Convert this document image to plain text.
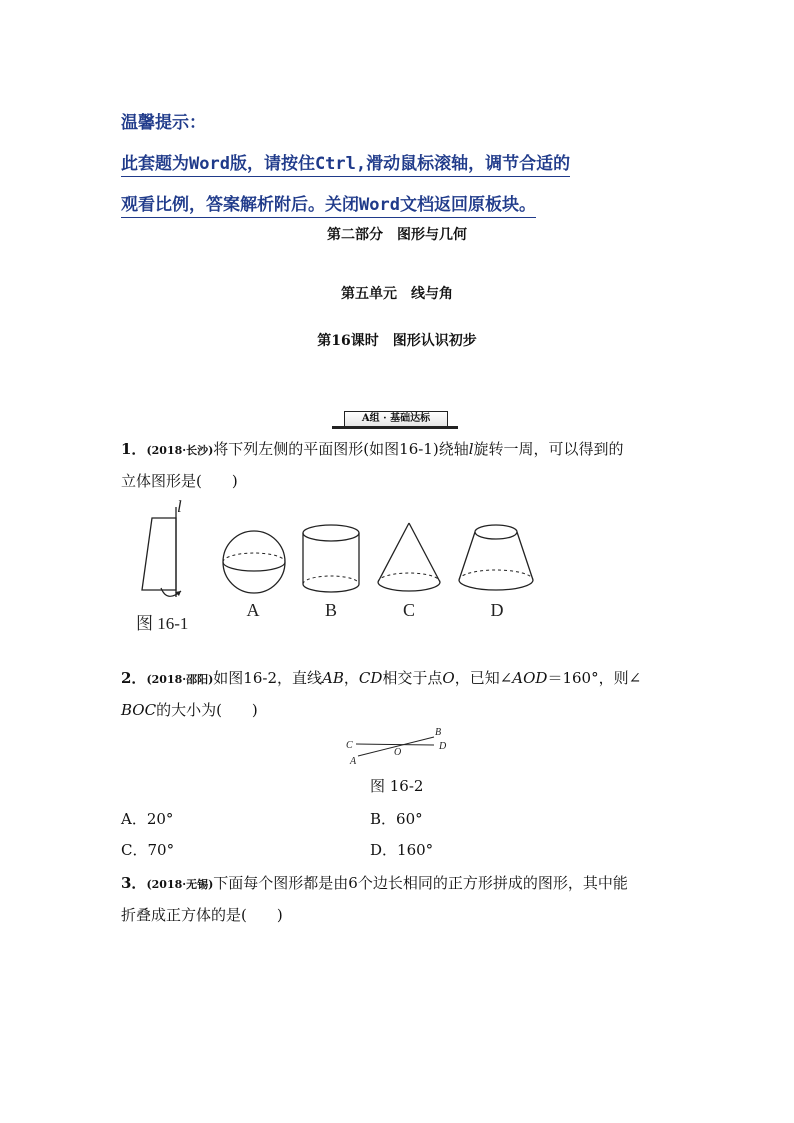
温馨提示：
此套题为Word版，请按住Ctrl,滑动鼠标滚轴，调节合适的
观看比例，答案解析附后。关闭Word文档返回原板块。
第二部分　图形与几何
第五单元　线与角
第16课时　图形认识初步
A组 · 基础达标
1．(2018·长沙)将下列左侧的平面图形(如图16-1)绕轴l旋转一周，可以得到的
立体图形是(　　)
l
图 16-1
A	B	C	D
2．(2018·邵阳)如图16-2，直线AB，CD相交于点O，已知∠AOD＝160°，则∠
BOC的大小为(　　)
C
O
B
D
A
图 16-2
A．20°	B．60°
C．70°	D．160°
3．(2018·无锡)下面每个图形都是由6个边长相同的正方形拼成的图形，其中能
折叠成正方体的是(　　)
